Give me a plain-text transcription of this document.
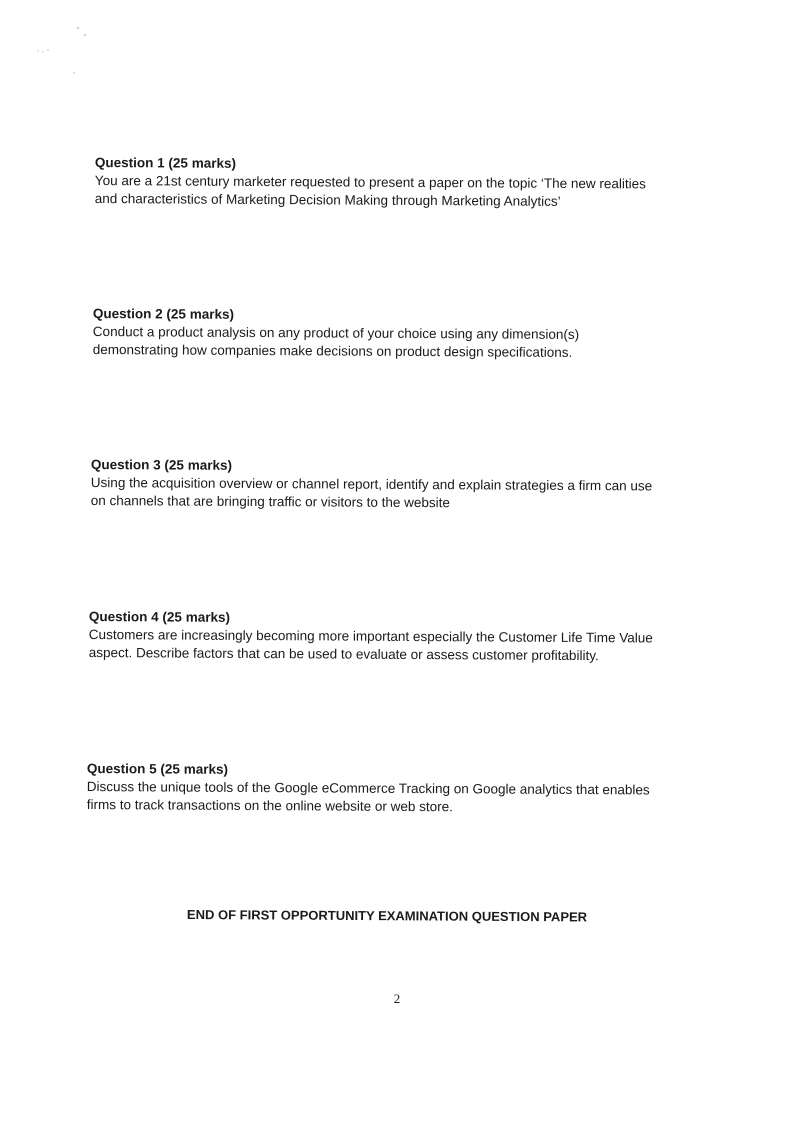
Question 1 (25 marks)

You are a 21st century marketer requested to present a paper on the topic ‘The new realities

and characteristics of Marketing Decision Making through Marketing Analytics’

Question 2 (25 marks)

Conduct a product analysis on any product of your choice using any dimension(s)

demonstrating how companies make decisions on product design specifications.

Question 3 (25 marks)

Using the acquisition overview or channel report, identify and explain strategies a firm can use

on channels that are bringing traffic or visitors to the website

Question 4 (25 marks)

Customers are increasingly becoming more important especially the Customer Life Time Value

aspect. Describe factors that can be used to evaluate or assess customer profitability.

Question 5 (25 marks)

Discuss the unique tools of the Google eCommerce Tracking on Google analytics that enables

firms to track transactions on the online website or web store.

END OF FIRST OPPORTUNITY EXAMINATION QUESTION PAPER
2
